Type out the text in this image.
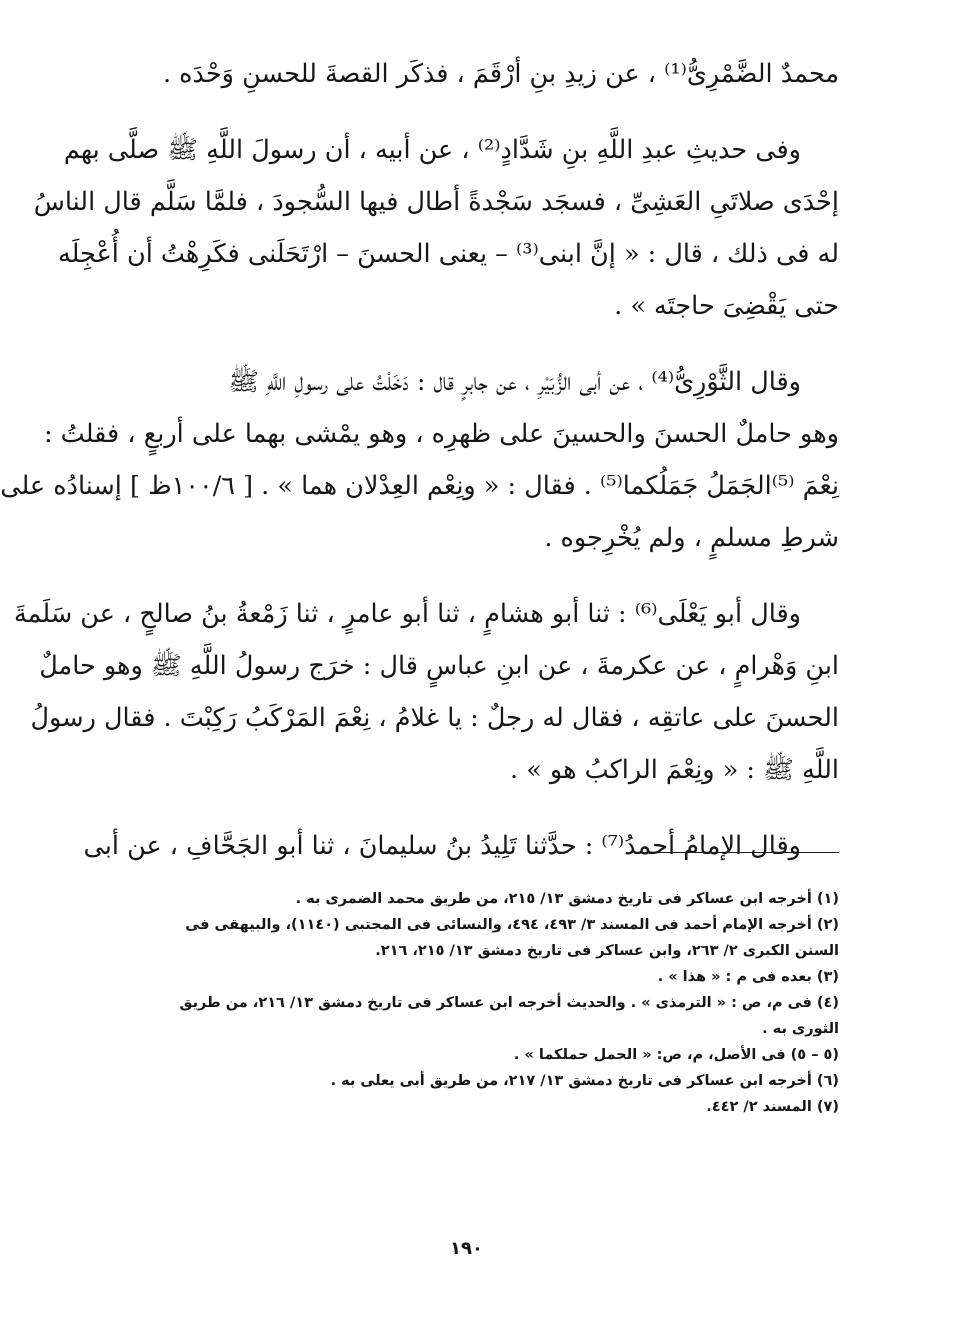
محمدٌ الضَّمْرِىُّ⁽¹⁾ ، عن زيدِ بنِ أرْقَمَ ، فذكَر القصةَ للحسنِ وَحْدَه .

وفى حديثِ عبدِ اللَّهِ بنِ شَدَّادٍ⁽²⁾ ، عن أبيه ، أن رسولَ اللَّهِ ﷺ صلَّى بهم
إحْدَى صلاتَىِ العَشِىِّ ، فسجَد سَجْدةً أطال فيها السُّجودَ ، فلمَّا سَلَّم قال الناسُ
له فى ذلك ، قال : « إنَّ ابنى⁽³⁾ – يعنى الحسنَ – ارْتَحَلَنى فكَرِهْتُ أن أُعْجِلَه
حتى يَقْضِىَ حاجتَه » .

وقال الثَّوْرِىُّ⁽⁴⁾ ، عن أبى الزُّبَيْرِ ، عن جابرٍ قال : دَخَلْتُ على رسولِ اللَّهِ ﷺ
وهو حاملٌ الحسنَ والحسينَ على ظهرِه ، وهو يمْشى بهما على أربعٍ ، فقلتُ :
نِعْمَ ⁽⁵⁾الجَمَلُ جَمَلُكما⁽⁵⁾ . فقال : « ونِعْم العِدْلان هما » . [ ١٠٠/٦ظ ] إسنادُه على
شرطِ مسلمٍ ، ولم يُخْرِجوه .

وقال أبو يَعْلَى⁽⁶⁾ : ثنا أبو هشامٍ ، ثنا أبو عامرٍ ، ثنا زَمْعةُ بنُ صالحٍ ، عن سَلَمةَ
ابنِ وَهْرامٍ ، عن عكرمةَ ، عن ابنِ عباسٍ قال : خرَج رسولُ اللَّهِ ﷺ وهو حاملٌ
الحسنَ على عاتقِه ، فقال له رجلٌ : يا غلامُ ، نِعْمَ المَرْكَبُ رَكِبْتَ . فقال رسولُ
اللَّهِ ﷺ : « ونِعْمَ الراكبُ هو » .

وقال الإمامُ أحمدُ⁽⁷⁾ : حدَّثنا تَلِيدُ بنُ سليمانَ ، ثنا أبو الجَحَّافِ ، عن أبى

(١) أخرجه ابن عساكر فى تاريخ دمشق ١٣/ ٢١٥، من طريق محمد الضمرى به .
(٢) أخرجه الإمام أحمد فى المسند ٣/ ٤٩٣، ٤٩٤، والنسائى فى المجتبى (١١٤٠)، والبيهقى فى
السنن الكبرى ٢/ ٢٦٣، وابن عساكر فى تاريخ دمشق ١٣/ ٢١٥، ٢١٦.
(٣) بعده فى م : « هذا » .
(٤) فى م، ص : « الترمذى » . والحديث أخرجه ابن عساكر فى تاريخ دمشق ١٣/ ٢١٦، من طريق
الثورى به .
(٥ – ٥) فى الأصل، م، ص: « الحمل حملكما » .
(٦) أخرجه ابن عساكر فى تاريخ دمشق ١٣/ ٢١٧، من طريق أبى يعلى به .
(٧) المسند ٢/ ٤٤٢.
١٩٠
